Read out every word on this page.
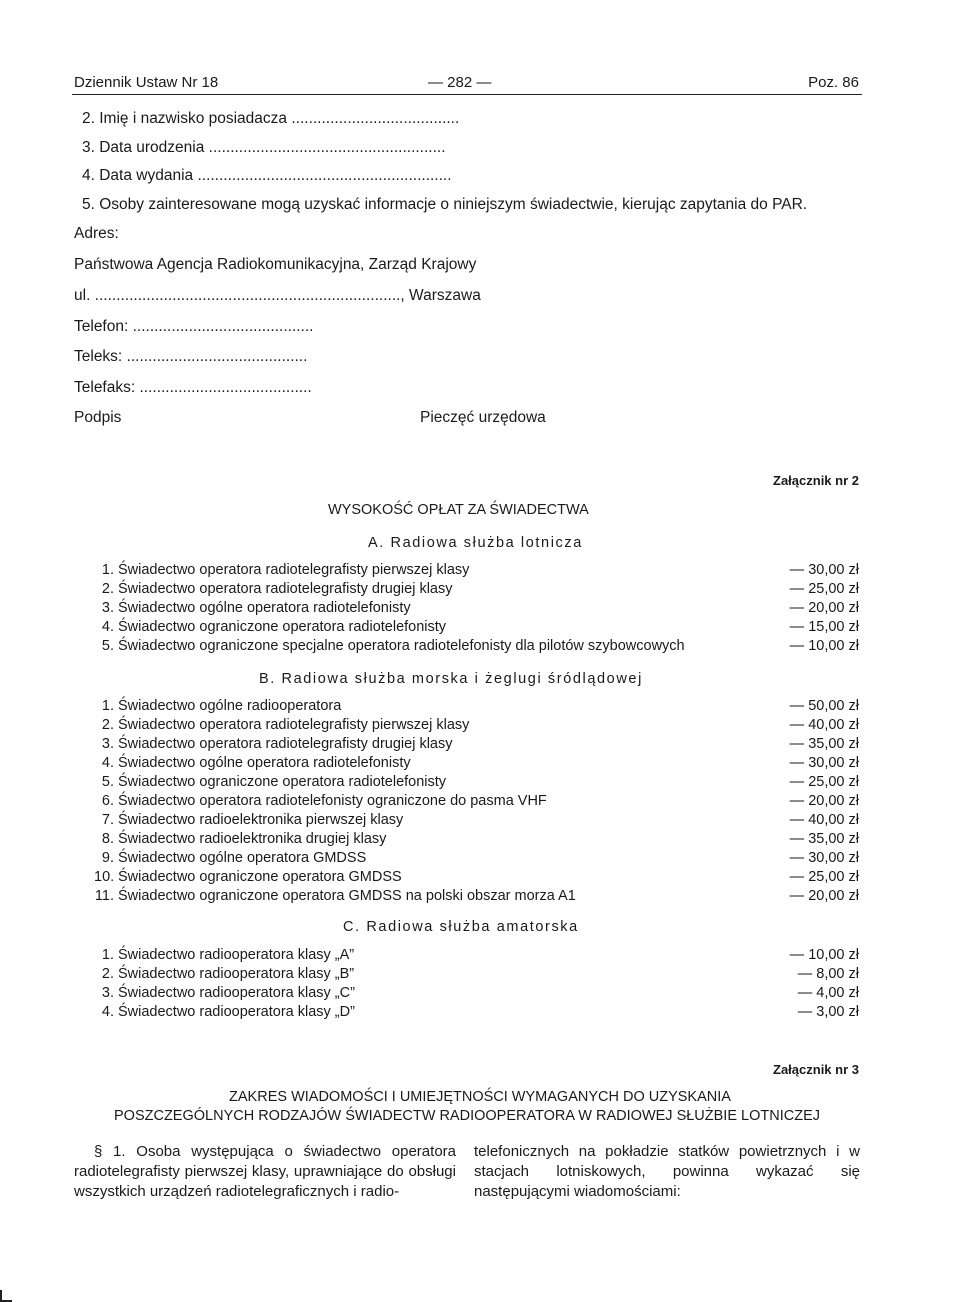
Dziennik Ustaw Nr 18	— 282 —	Poz. 86
2. Imię i nazwisko posiadacza .......................................
3. Data urodzenia .......................................................
4. Data wydania ...........................................................
5. Osoby zainteresowane mogą uzyskać informacje o niniejszym świadectwie, kierując zapytania do PAR.
Adres:
Państwowa Agencja Radiokomunikacyjna, Zarząd Krajowy
ul. ......................................................................., Warszawa
Telefon: ..........................................
Teleks: ..........................................
Telefaks: ........................................
Podpis	Pieczęć urzędowa
Załącznik nr 2
WYSOKOŚĆ OPŁAT ZA ŚWIADECTWA
A. Radiowa służba lotnicza
1. Świadectwo operatora radiotelegrafisty pierwszej klasy	— 30,00 zł
2. Świadectwo operatora radiotelegrafisty drugiej klasy	— 25,00 zł
3. Świadectwo ogólne operatora radiotelefonisty	— 20,00 zł
4. Świadectwo ograniczone operatora radiotelefonisty	— 15,00 zł
5. Świadectwo ograniczone specjalne operatora radiotelefonisty dla pilotów szybowcowych	— 10,00 zł
B. Radiowa służba morska i żeglugi śródlądowej
1. Świadectwo ogólne radiooperatora	— 50,00 zł
2. Świadectwo operatora radiotelegrafisty pierwszej klasy	— 40,00 zł
3. Świadectwo operatora radiotelegrafisty drugiej klasy	— 35,00 zł
4. Świadectwo ogólne operatora radiotelefonisty	— 30,00 zł
5. Świadectwo ograniczone operatora radiotelefonisty	— 25,00 zł
6. Świadectwo operatora radiotelefonisty ograniczone do pasma VHF	— 20,00 zł
7. Świadectwo radioelektronika pierwszej klasy	— 40,00 zł
8. Świadectwo radioelektronika drugiej klasy	— 35,00 zł
9. Świadectwo ogólne operatora GMDSS	— 30,00 zł
10. Świadectwo ograniczone operatora GMDSS	— 25,00 zł
11. Świadectwo ograniczone operatora GMDSS na polski obszar morza A1	— 20,00 zł
C. Radiowa służba amatorska
1. Świadectwo radiooperatora klasy „A”	— 10,00 zł
2. Świadectwo radiooperatora klasy „B”	— 8,00 zł
3. Świadectwo radiooperatora klasy „C”	— 4,00 zł
4. Świadectwo radiooperatora klasy „D”	— 3,00 zł
Załącznik nr 3
ZAKRES WIADOMOŚCI I UMIEJĘTNOŚCI WYMAGANYCH DO UZYSKANIA
POSZCZEGÓLNYCH RODZAJÓW ŚWIADECTW RADIOOPERATORA W RADIOWEJ SŁUŻBIE LOTNICZEJ
§ 1. Osoba występująca o świadectwo operatora radiotelegrafisty pierwszej klasy, uprawniające do obsługi wszystkich urządzeń radiotelegraficznych i radio-
telefonicznych na pokładzie statków powietrznych i w stacjach lotniskowych, powinna wykazać się następującymi wiadomościami:
